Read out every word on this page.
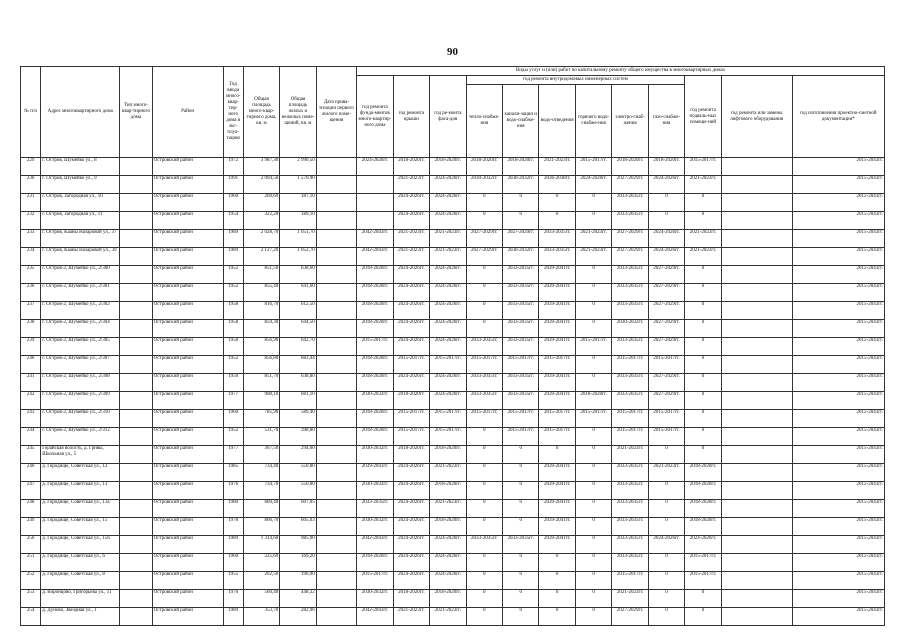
90
№ п/п	Адрес многоквартирного дома	Тип много-квар-тирного дома	Район	Год ввода много-квар-тир-ного дома в экс-плуа-тацию	Общая площадь много-квар-тирного дома, кв. м	Общая площадь жилых и нежилых поме-щений, кв. м	Дата прива-тизации первого жилого поме-щения	Виды услуг и (или) работ по капитальному ремонту общего имущества в многоквартирных домах											
								год ремонта фунда-ментов много-квартир-ного дома	год ремонта крыши	год ре-монта фаса-дов	год ремонта внутридомовых инженерных систем						год ремонта подваль-ных помеще-ний	год ремонта или замены лифтового оборудования	год изготовления проектно-сметной документации*
											тепло-снабже-ния	канали-зации и водо-снабже-ния	водо-отведения	горячего водо-снабже-ния	электро-снаб-жения	газо-снабже-ния			
229	г. Остров, Шумейко ул., 8		Островский район	1972	3 987,30	2 990,50		2024-2026гг.	2018-2020гг.	2018-2020гг.	2018-2020гг.	2018-2020гг.	2021-2023гг.	2015-2017гг.	2018-2020гг.	2018-2020гг.	2015-2017гг.		2015-2043гг.
230	г. Остров, Шумейко ул., 9		Островский район	1991	2 094,50	1 570,90			2021-2023гг.	2024-2026гг.	2030-2032гг.	2030-2032гг.	2036-2038гг.	2024-2026гг.	2027-2029гг.	2024-2026гг.	2021-2023гг.		2015-2043гг.
231	г. Остров, Загородная ул., 10		Островский район	1960	269,60	187,10			2024-2026гг.	2024-2026гг.	0	0	0	0	2033-2035гг.	0	0		2015-2043гг.
232	г. Остров, Загородная ул., 11		Островский район	1954	322,20	189,10			2024-2026гг.	2024-2026гг.	0	0	0	0	2033-2035гг.	0	0		2015-2043гг.
233	г. Остров, Кааны Назаровой ул., 37		Островский район	1989	2 028,70	1 051,70		2042-2043гг.	2021-2023гг.	2021-2023гг.	2027-2029гг.	2027-2029гг.	2033-2035гг.	2021-2023гг.	2027-2029гг.	2024-2026гг.	2021-2023гг.		2015-2043гг.
234	г. Остров, Кааны Назаровой ул., 39		Островский район	1989	2 127,20	1 052,70		2042-2043гг.	2021-2023гг.	2021-2023гг.	2027-2029гг.	2030-2032гг.	2033-2035гг.	2021-2023гг.	2027-2029гг.	2024-2026гг.	2021-2023гг.		2015-2043гг.
235	г. Остров-2, Шумейко ул., 2/300		Островский район	1952	851,50	638,60		2018-2020гг.	2024-2026гг.	2024-2026гг.	0	2033-2035гг.	2039-2041гг.	0	2033-2035гг.	2027-2029гг.	0		2015-2043гг.
236	г. Остров-2, Шумейко ул., 2/301		Островский район	1952	855,40	641,60		2018-2020гг.	2024-2026гг.	2024-2026гг.	0	2033-2035гг.	2039-2041гг.	0	2033-2035гг.	2027-2029гг.	0		2015-2043гг.
237	г. Остров-2, Шумейко ул., 2/302		Островский район	1958	816,70	612,50		2018-2020гг.	2024-2026гг.	2024-2026гг.	0	2033-2035гг.	2039-2041гг.	0	2033-2035гг.	2027-2029гг.	0		2015-2043гг.
238	г. Остров-2, Шумейко ул., 2/304		Островский район	1958	859,30	644,50		2018-2020гг.	2024-2026гг.	2024-2026гг.	0	2033-2035гг.	2039-2041гг.	0	2030-2032гг.	2027-2029гг.	0		2015-2043гг.
239	г. Остров-2, Шумейко ул., 2/305		Островский район	1958	856,90	642,70		2015-2017гг.	2024-2026гг.	2024-2026гг.	2033-2035гг.	2033-2035гг.	2039-2041гг.	2015-2017гг.	2033-2035гг.	2027-2029гг.	0		2015-2043гг.
240	г. Остров-2, Шумейко ул., 2/307		Островский район	1952	856,80	683,44		2018-2020гг.	2015-2017гг.	2015-2017гг.	2015-2017гг.	2015-2017гг.	2015-2017гг.	0	2015-2017гг.	2015-2017гг.	0		2015-2043гг.
241	г. Остров-2, Шумейко ул., 2/308		Островский район	1950	851,70	638,80		2018-2020гг.	2024-2026гг.	2024-2026гг.	2033-2035гг.	2033-2035гг.	2039-2041гг.	0	2033-2035гг.	2027-2029гг.	0		2015-2043гг.
242	г. Остров-2, Шумейко ул., 2/309		Островский район	1977	908,10	681,10		2030-2032гг.	2018-2020гг.	2024-2026гг.	2033-2035гг.	2033-2035гг.	2039-2041гг.	2018-2020гг.	2033-2035гг.	2027-2029гг.	0		2015-2043гг.
243	г. Остров-2, Шумейко ул., 2/310		Островский район	1960	785,90	589,40		2018-2020гг.	2015-2017гг.	2015-2017гг.	2015-2017гг.	2015-2017гг.	2015-2017гг.	2015-2017гг.	2015-2017гг.	2015-2017гг.	0		2015-2043гг.
244	г. Остров-2, Шумейко ул., 2/312		Островский район	1952	531,70	398,80		2018-2020гг.	2015-2017гг.	2015-2017гг.	0	2015-2017гг.	2015-2017гг.	0	2015-2017гг.	2015-2017гг.	0		2015-2043гг.
245	Горайская волость, д. Гривы, Школьная ул., 5		Островский район	1977	367,50	294,00		2030-2032гг.	2018-2020гг.	2018-2020гг.	0	0	0	0	2021-2023гг.	0	0		2015-2043гг.
246	д. Городище, Советская ул., 12		Островский район	1985	734,40	550,80		2039-2041гг.	2024-2026гг.	2021-2023гг.	0	0	2039-2041гг.	0	2033-2035гг.	2021-2023гг.	2018-2020гг.		2015-2043гг.
247	д. Городище, Советская ул., 13		Островский район	1976	734,70	550,80		2030-2032гг.	2024-2026гг.	2018-2020гг.	0	0	2039-2041гг.	0	2033-2035гг.	0	2018-2020гг.		2015-2043гг.
248	д. Городище, Советская ул., 13а		Островский район	1980	809,40	607,05		2033-2035гг.	2024-2026гг.	2021-2023гг.	0	0	2039-2041гг.	0	2033-2035гг.	0	2018-2020гг.		2015-2043гг.
249	д. Городище, Советская ул., 15		Островский район	1978	806,70	605,03		2030-2032гг.	2024-2026гг.	2018-2020гг.	0	0	2039-2041гг.	0	2033-2035гг.	0	2018-2020гг.		2015-2043гг.
250	д. Городище, Советская ул., 15б		Островский район	1989	1 314,60	985,90		2042-2043гг.	2024-2026гг.	2024-2026гг.	2033-2035гг.	2033-2035гг.	2039-2041гг.	0	2033-2035гг.	2024-2026гг.	2024-2026гг.		2015-2043гг.
251	д. Городище, Советская ул., 6		Островский район	1960	225,60	169,20		2018-2020гг.	2024-2026гг.	2024-2026гг.	0	0	0	0	2033-2035гг.	0	2015-2017гг.		2015-2043гг.
252	д. Городище, Советская ул., 8		Островский район	1955	262,50	196,90		2015-2017гг.	2024-2026гг.	2024-2026гг.	0	0	0	0	2015-2017гг.	0	2015-2017гг.		2015-2043гг.
253	д. Воронцово, Григорьева ул., 11		Островский район	1976	560,40	448,32		2030-2032гг.	2018-2020гг.	2018-2020гг.	0	0	0	0	2021-2023гг.	0	0		2015-2043гг.
254	д. Дуново, Звездная ул., 1		Островский район	1989	353,70	282,96		2042-2043гг.	2021-2023гг.	2021-2023гг.	0	0	0	0	2027-2029гг.	0	0		2015-2043гг.
